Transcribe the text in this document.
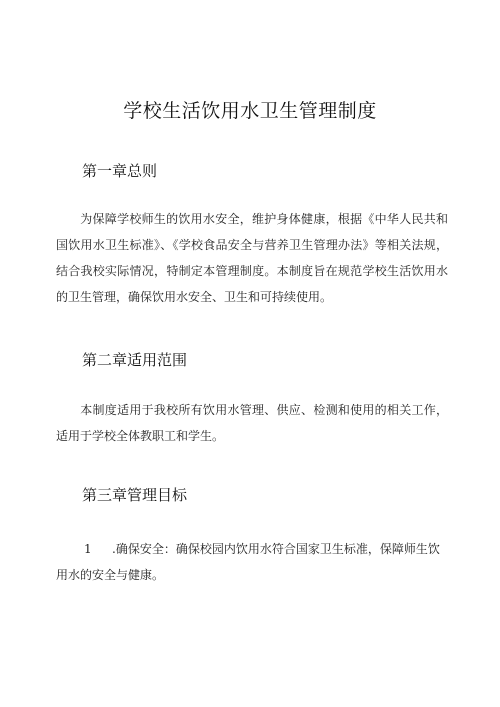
学校生活饮用水卫生管理制度
第一章总则

为保障学校师生的饮用水安全，维护身体健康，根据《中华人民共和国饮用水卫生标准》、《学校食品安全与营养卫生管理办法》等相关法规，结合我校实际情况，特制定本管理制度。本制度旨在规范学校生活饮用水的卫生管理，确保饮用水安全、卫生和可持续使用。

第二章适用范围

本制度适用于我校所有饮用水管理、供应、检测和使用的相关工作，适用于学校全体教职工和学生。

第三章管理目标

1 .确保安全：确保校园内饮用水符合国家卫生标准，保障师生饮用水的安全与健康。
